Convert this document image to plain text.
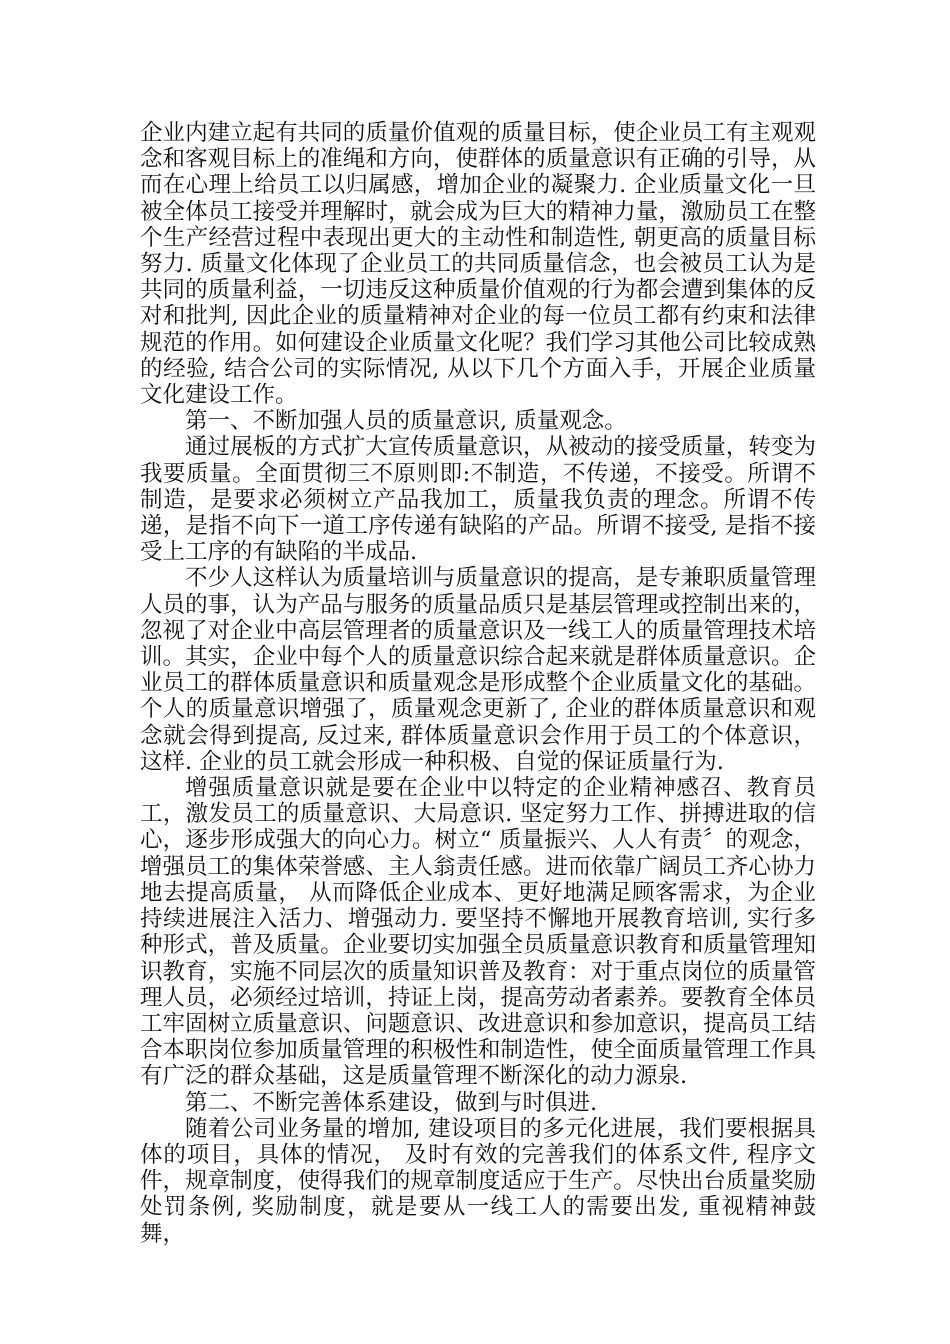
企业内建立起有共同的质量价值观的质量目标，使企业员工有主观观念和客观目标上的准绳和方向，使群体的质量意识有正确的引导，从而在心理上给员工以归属感，增加企业的凝聚力. 企业质量文化一旦被全体员工接受并理解时，就会成为巨大的精神力量，激励员工在整个生产经营过程中表现出更大的主动性和制造性, 朝更高的质量目标努力. 质量文化体现了企业员工的共同质量信念，也会被员工认为是共同的质量利益，一切违反这种质量价值观的行为都会遭到集体的反对和批判, 因此企业的质量精神对企业的每一位员工都有约束和法律规范的作用。如何建设企业质量文化呢？我们学习其他公司比较成熟的经验, 结合公司的实际情况, 从以下几个方面入手，开展企业质量文化建设工作。

第一、不断加强人员的质量意识, 质量观念。

通过展板的方式扩大宣传质量意识，从被动的接受质量，转变为我要质量。全面贯彻三不原则即:不制造，不传递，不接受。所谓不制造，是要求必须树立产品我加工，质量我负责的理念。所谓不传递，是指不向下一道工序传递有缺陷的产品。所谓不接受, 是指不接受上工序的有缺陷的半成品.

不少人这样认为质量培训与质量意识的提高，是专兼职质量管理人员的事，认为产品与服务的质量品质只是基层管理或控制出来的，忽视了对企业中高层管理者的质量意识及一线工人的质量管理技术培训。其实，企业中每个人的质量意识综合起来就是群体质量意识。企业员工的群体质量意识和质量观念是形成整个企业质量文化的基础。个人的质量意识增强了，质量观念更新了, 企业的群体质量意识和观念就会得到提高, 反过来, 群体质量意识会作用于员工的个体意识，这样. 企业的员工就会形成一种积极、自觉的保证质量行为.

增强质量意识就是要在企业中以特定的企业精神感召、教育员工，激发员工的质量意识、大局意识. 坚定努力工作、拼搏进取的信心，逐步形成强大的向心力。树立“ 质量振兴、人人有责〞的观念，增强员工的集体荣誉感、主人翁责任感。进而依靠广阔员工齐心协力地去提高质量， 从而降低企业成本、更好地满足顾客需求，为企业持续进展注入活力、增强动力. 要坚持不懈地开展教育培训, 实行多种形式，普及质量。企业要切实加强全员质量意识教育和质量管理知识教育，实施不同层次的质量知识普及教育：对于重点岗位的质量管理人员，必须经过培训，持证上岗，提高劳动者素养。要教育全体员工牢固树立质量意识、问题意识、改进意识和参加意识，提高员工结合本职岗位参加质量管理的积极性和制造性，使全面质量管理工作具有广泛的群众基础，这是质量管理不断深化的动力源泉.

第二、不断完善体系建设，做到与时俱进.

随着公司业务量的增加, 建设项目的多元化进展，我们要根据具体的项目，具体的情况， 及时有效的完善我们的体系文件, 程序文件，规章制度，使得我们的规章制度适应于生产。尽快出台质量奖励处罚条例, 奖励制度，就是要从一线工人的需要出发, 重视精神鼓舞，
